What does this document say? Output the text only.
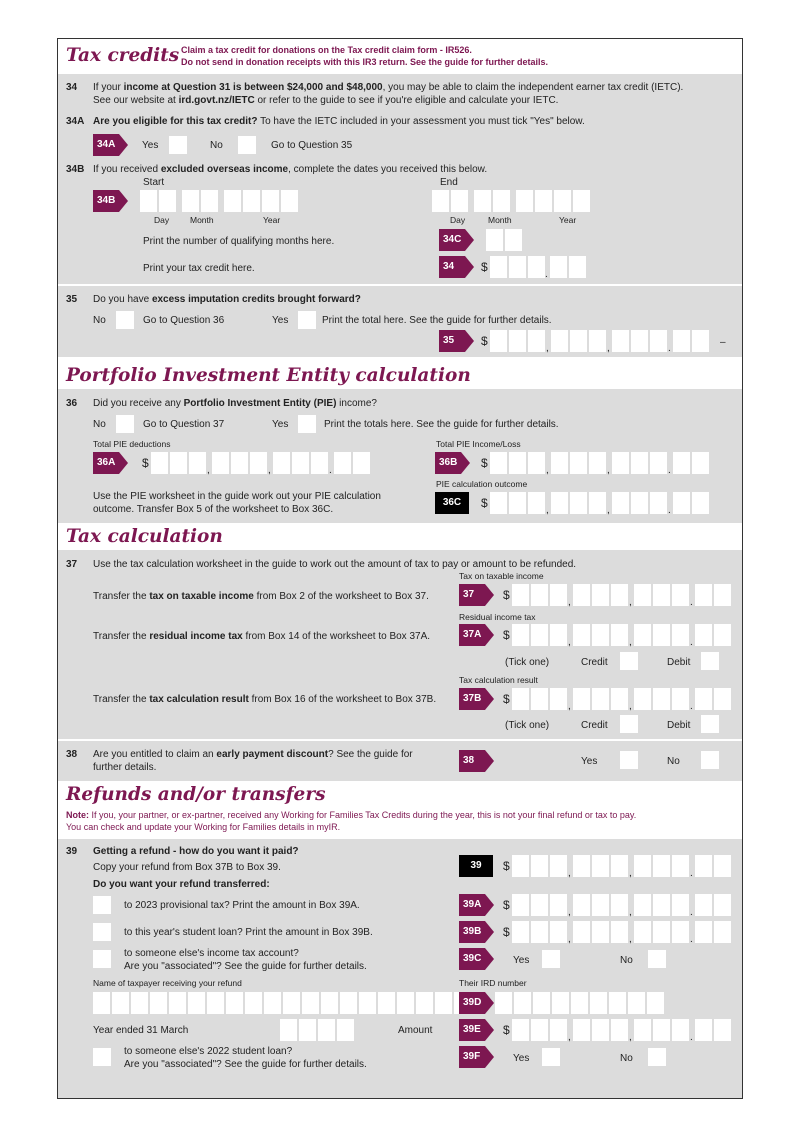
Tax credits Claim a tax credit for donations on the Tax credit claim form - IR526.
Do not send in donation receipts with this IR3 return. See the guide for further details.
34 If your income at Question 31 is between $24,000 and $48,000, you may be able to claim the independent earner tax credit (IETC).
See our website at ird.govt.nz/IETC or refer to the guide to see if you're eligible and calculate your IETC.
34A Are you eligible for this tax credit? To have the IETC included in your assessment you must tick "Yes" below.
34A	Yes	No	Go to Question 35
34B If you received excluded overseas income, complete the dates you received this below.
Start	End
34B
Day Month	Year	Day	Month	Year
Print the number of qualifying months here.	34C
Print your tax credit here.	34	$
.
35 Do you have excess imputation credits brought forward?
No	Go to Question 36	Yes	Print the total here. See the guide for further details.
35	$
,	,	.
–
Portfolio Investment Entity calculation
36 Did you receive any Portfolio Investment Entity (PIE) income?
No	Go to Question 37	Yes	Print the totals here. See the guide for further details.
Total PIE deductions	Total PIE Income/Loss
36A	$
,	,	.
36B	$
,	,	.
PIE calculation outcome
Use the PIE worksheet in the guide work out your PIE calculation
outcome. Transfer Box 5 of the worksheet to Box 36C.
36C	$
,	,	.
Tax calculation
37 Use the tax calculation worksheet in the guide to work out the amount of tax to pay or amount to be refunded.
Tax on taxable income
Transfer the tax on taxable income from Box 2 of the worksheet to Box 37.	37	$
,	,	.
Residual income tax
Transfer the residual income tax from Box 14 of the worksheet to Box 37A.	37A	$
,	,	.
(Tick one)	Credit	Debit
Tax calculation result
Transfer the tax calculation result from Box 16 of the worksheet to Box 37B.	37B	$
,	,	.
(Tick one)	Credit	Debit
38 Are you entitled to claim an early payment discount? See the guide for
further details.
38	Yes	No
Refunds and/or transfers
Note: If you, your partner, or ex-partner, received any Working for Families Tax Credits during the year, this is not your final refund or tax to pay.
You can check and update your Working for Families details in myIR.
39 Getting a refund - how do you want it paid?
Copy your refund from Box 37B to Box 39.
Do you want your refund transferred:
39	$
,	,	.
to 2023 provisional tax? Print the amount in Box 39A.	39A	$
,	,	.
to this year's student loan? Print the amount in Box 39B.	39B	$
,	,	.
to someone else's income tax account?
Are you "associated"? See the guide for further details.
39C	Yes	No
Name of taxpayer receiving your refund	Their IRD number
39D
Year ended 31 March	Amount	39E	$
,	,	.
to someone else's 2022 student loan?
Are you "associated"? See the guide for further details.
39F	Yes	No
